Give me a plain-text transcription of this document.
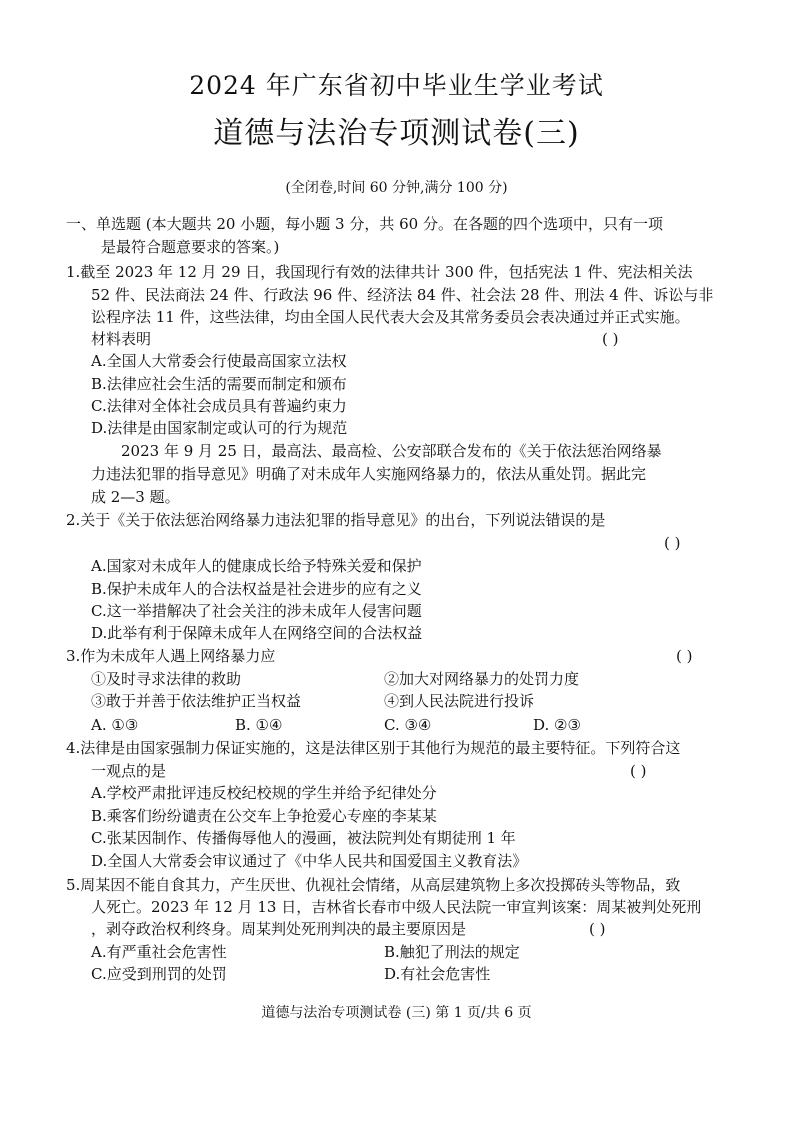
2024 年广东省初中毕业生学业考试
道德与法治专项测试卷(三)
(全闭卷,时间 60 分钟,满分 100 分)
一、单选题 (本大题共 20 小题，每小题 3 分，共 60 分。在各题的四个选项中，只有一项
是最符合题意要求的答案。)
1.截至 2023 年 12 月 29 日，我国现行有效的法律共计 300 件，包括宪法 1 件、宪法相关法
52 件、民法商法 24 件、行政法 96 件、经济法 84 件、社会法 28 件、刑法 4 件、诉讼与非
讼程序法 11 件，这些法律，均由全国人民代表大会及其常务委员会表决通过并正式实施。
材料表明	( )
A.全国人大常委会行使最高国家立法权
B.法律应社会生活的需要而制定和颁布
C.法律对全体社会成员具有普遍约束力
D.法律是由国家制定或认可的行为规范
2023 年 9 月 25 日，最高法、最高检、公安部联合发布的《关于依法惩治网络暴
力违法犯罪的指导意见》明确了对未成年人实施网络暴力的，依法从重处罚。据此完
成 2—3 题。
2.关于《关于依法惩治网络暴力违法犯罪的指导意见》的出台，下列说法错误的是
( )
A.国家对未成年人的健康成长给予特殊关爱和保护
B.保护未成年人的合法权益是社会进步的应有之义
C.这一举措解决了社会关注的涉未成年人侵害问题
D.此举有利于保障未成年人在网络空间的合法权益
3.作为未成年人遇上网络暴力应	( )
①及时寻求法律的救助	②加大对网络暴力的处罚力度
③敢于并善于依法维护正当权益	④到人民法院进行投诉
A. ①③	B. ①④	C. ③④	D. ②③
4.法律是由国家强制力保证实施的，这是法律区别于其他行为规范的最主要特征。下列符合这
一观点的是	( )
A.学校严肃批评违反校纪校规的学生并给予纪律处分
B.乘客们纷纷谴责在公交车上争抢爱心专座的李某某
C.张某因制作、传播侮辱他人的漫画，被法院判处有期徒刑 1 年
D.全国人大常委会审议通过了《中华人民共和国爱国主义教育法》
5.周某因不能自食其力，产生厌世、仇视社会情绪，从高层建筑物上多次投掷砖头等物品，致
人死亡。2023 年 12 月 13 日，吉林省长春市中级人民法院一审宣判该案：周某被判处死刑
，剥夺政治权利终身。周某判处死刑判决的最主要原因是	( )
A.有严重社会危害性	B.触犯了刑法的规定
C.应受到刑罚的处罚	D.有社会危害性
道德与法治专项测试卷 (三) 第 1 页/共 6 页
